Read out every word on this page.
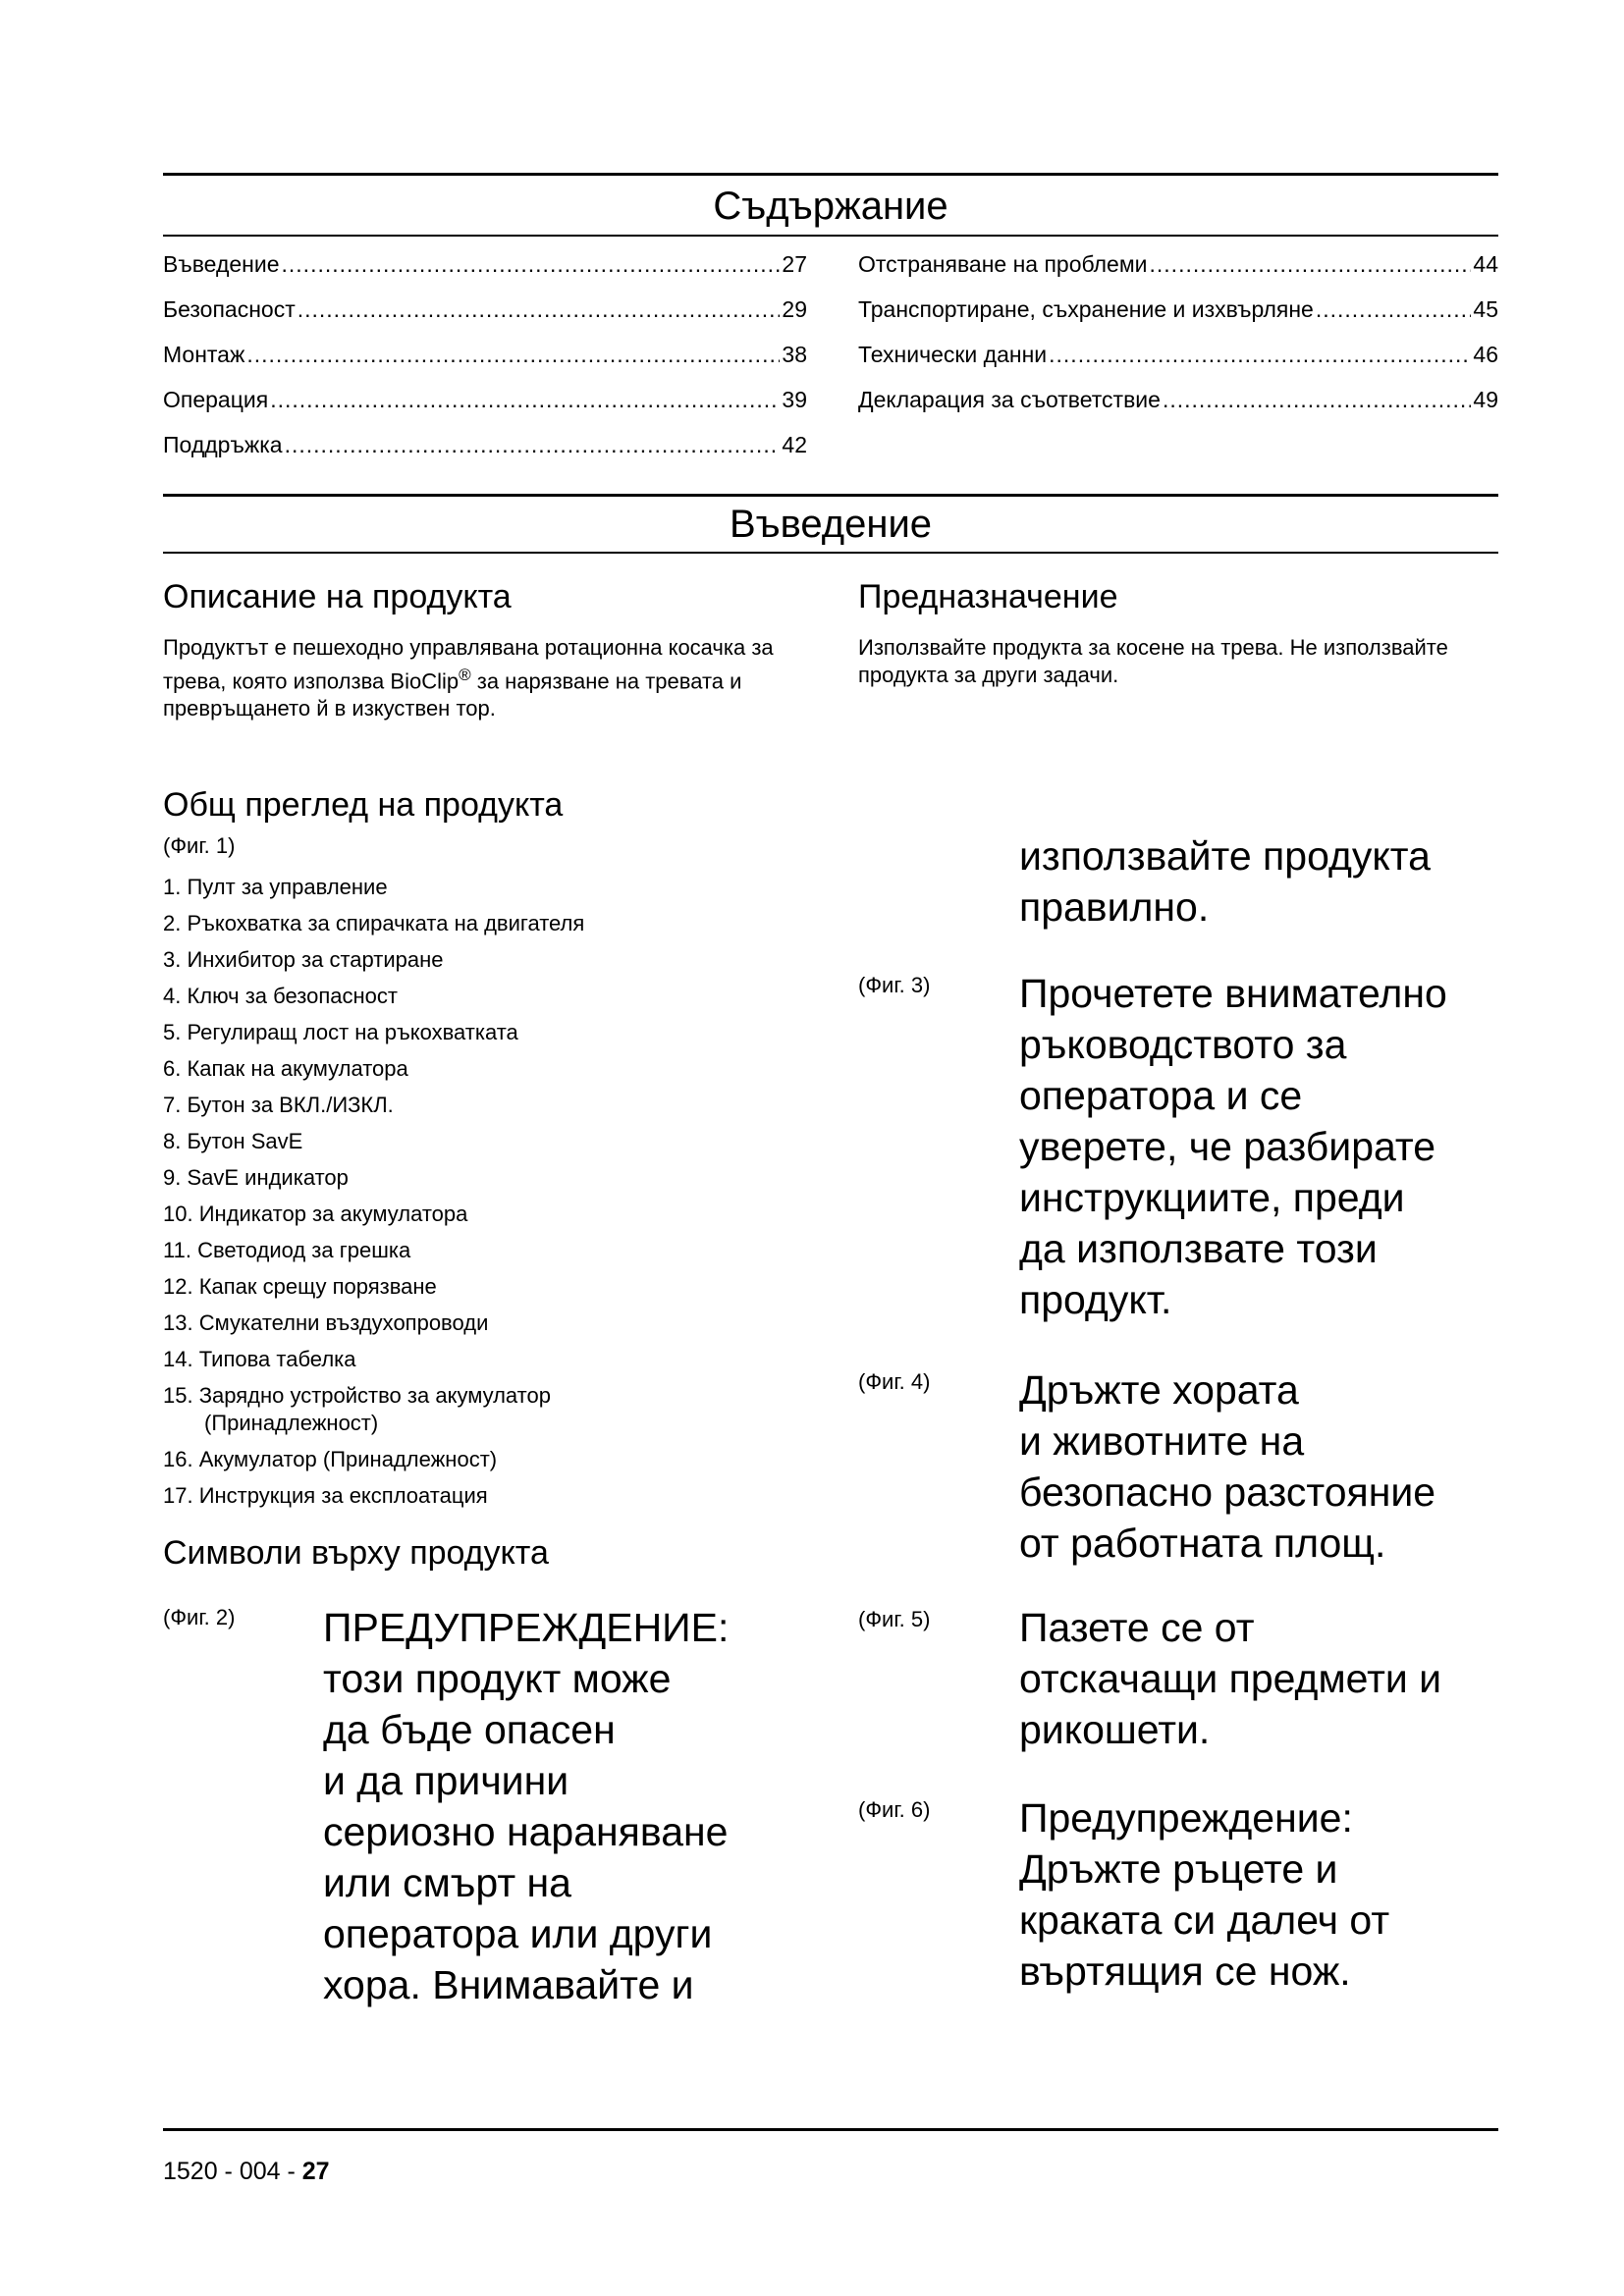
Съдържание
Въведение .....	27
Безопасност .....	29
Монтаж .....	38
Операция .....	39
Поддръжка .....	42
Отстраняване на проблеми .....	44
Транспортиране, съхранение и изхвърляне .....	45
Технически данни .....	46
Декларация за съответствие .....	49
Въведение
Описание на продукта

Продуктът е пешеходно управлявана ротационна косачка за трева, която използва BioClip® за нарязване на тревата и превръщането й в изкуствен тор.

Общ преглед на продукта
(Фиг. 1)
1. Пулт за управление
2. Ръкохватка за спирачката на двигателя
3. Инхибитор за стартиране
4. Ключ за безопасност
5. Регулиращ лост на ръкохватката
6. Капак на акумулатора
7. Бутон за ВКЛ./ИЗКЛ.
8. Бутон SavE
9. SavE индикатор
10. Индикатор за акумулатора
11. Светодиод за грешка
12. Капак срещу порязване
13. Смукателни въздухопроводи
14. Типова табелка
15. Зарядно устройство за акумулатор
(Принадлежност)
16. Акумулатор (Принадлежност)
17. Инструкция за експлоатация
Символи върху продукта
(Фиг. 2) ПРЕДУПРЕЖДЕНИЕ:
този продукт може
да бъде опасен
и да причини
сериозно нараняване
или смърт на
оператора или други
хора. Внимавайте и
Предназначение

Използвайте продукта за косене на трева. Не използвайте продукта за други задачи.

използвайте продукта
правилно.
(Фиг. 3) Прочетете внимателно
ръководството за
оператора и се
уверете, че разбирате
инструкциите, преди
да използвате този
продукт.
(Фиг. 4) Дръжте хората
и животните на
безопасно разстояние
от работната площ.
(Фиг. 5) Пазете се от
отскачащи предмети и
рикошети.
(Фиг. 6) Предупреждение:
Дръжте ръцете и
краката си далеч от
въртящия се нож.
1520 - 004 - 27
